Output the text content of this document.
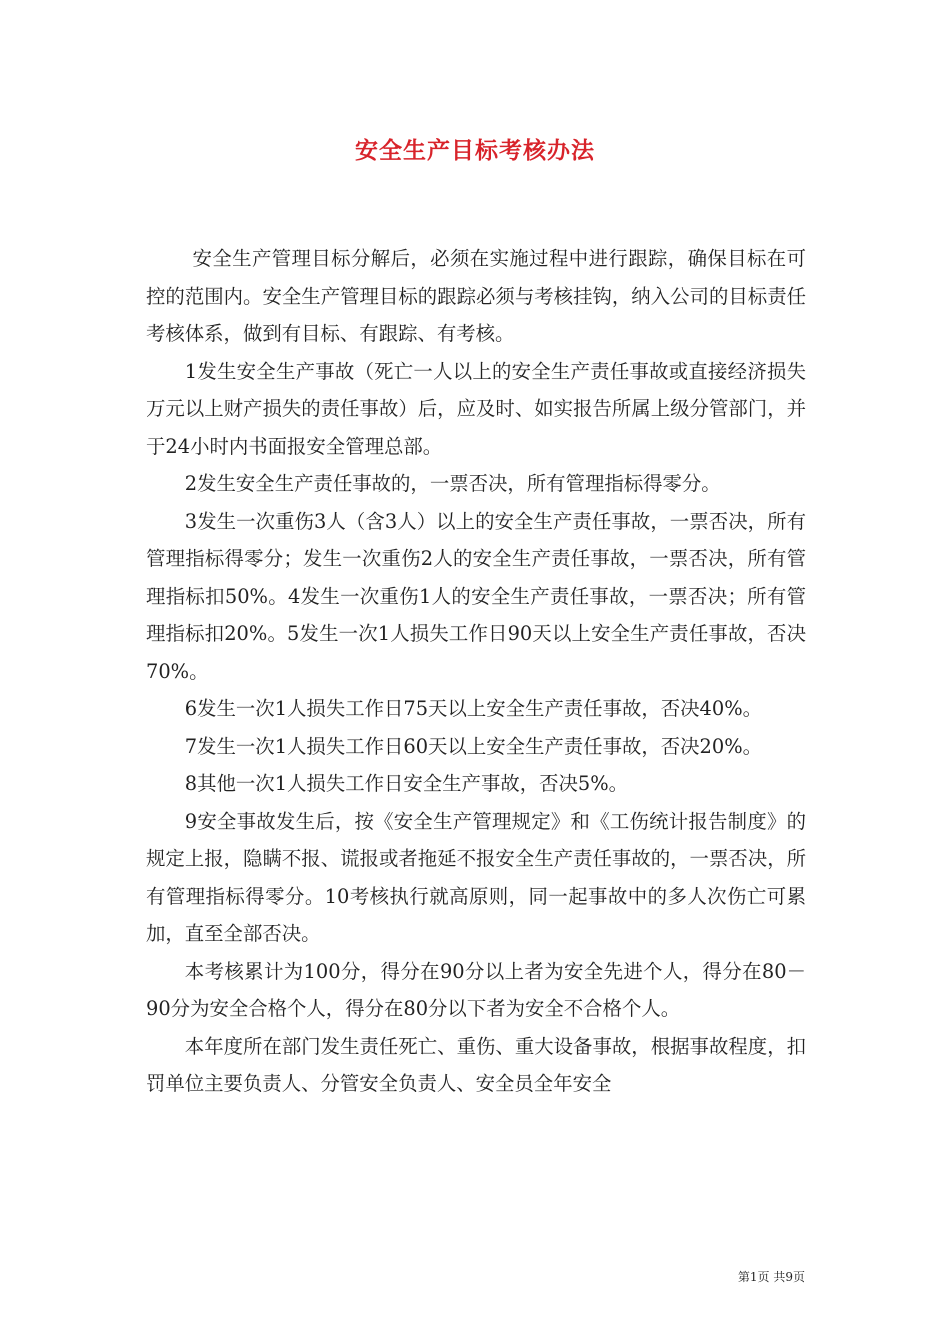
安全生产目标考核办法

安全生产管理目标分解后，必须在实施过程中进行跟踪，确保目标在可控的范围内。安全生产管理目标的跟踪必须与考核挂钩，纳入公司的目标责任考核体系，做到有目标、有跟踪、有考核。

1发生安全生产事故（死亡一人以上的安全生产责任事故或直接经济损失万元以上财产损失的责任事故）后，应及时、如实报告所属上级分管部门，并于24小时内书面报安全管理总部。

2发生安全生产责任事故的，一票否决，所有管理指标得零分。

3发生一次重伤3人（含3人）以上的安全生产责任事故，一票否决，所有管理指标得零分；发生一次重伤2人的安全生产责任事故，一票否决，所有管理指标扣50%。4发生一次重伤1人的安全生产责任事故，一票否决；所有管理指标扣20%。5发生一次1人损失工作日90天以上安全生产责任事故，否决70%。

6发生一次1人损失工作日75天以上安全生产责任事故，否决40%。

7发生一次1人损失工作日60天以上安全生产责任事故，否决20%。

8其他一次1人损失工作日安全生产事故，否决5%。

9安全事故发生后，按《安全生产管理规定》和《工伤统计报告制度》的规定上报，隐瞒不报、谎报或者拖延不报安全生产责任事故的，一票否决，所有管理指标得零分。10考核执行就高原则，同一起事故中的多人次伤亡可累加，直至全部否决。

本考核累计为100分，得分在90分以上者为安全先进个人，得分在80－90分为安全合格个人，得分在80分以下者为安全不合格个人。

本年度所在部门发生责任死亡、重伤、重大设备事故，根据事故程度，扣罚单位主要负责人、分管安全负责人、安全员全年安全

第1页 共9页
